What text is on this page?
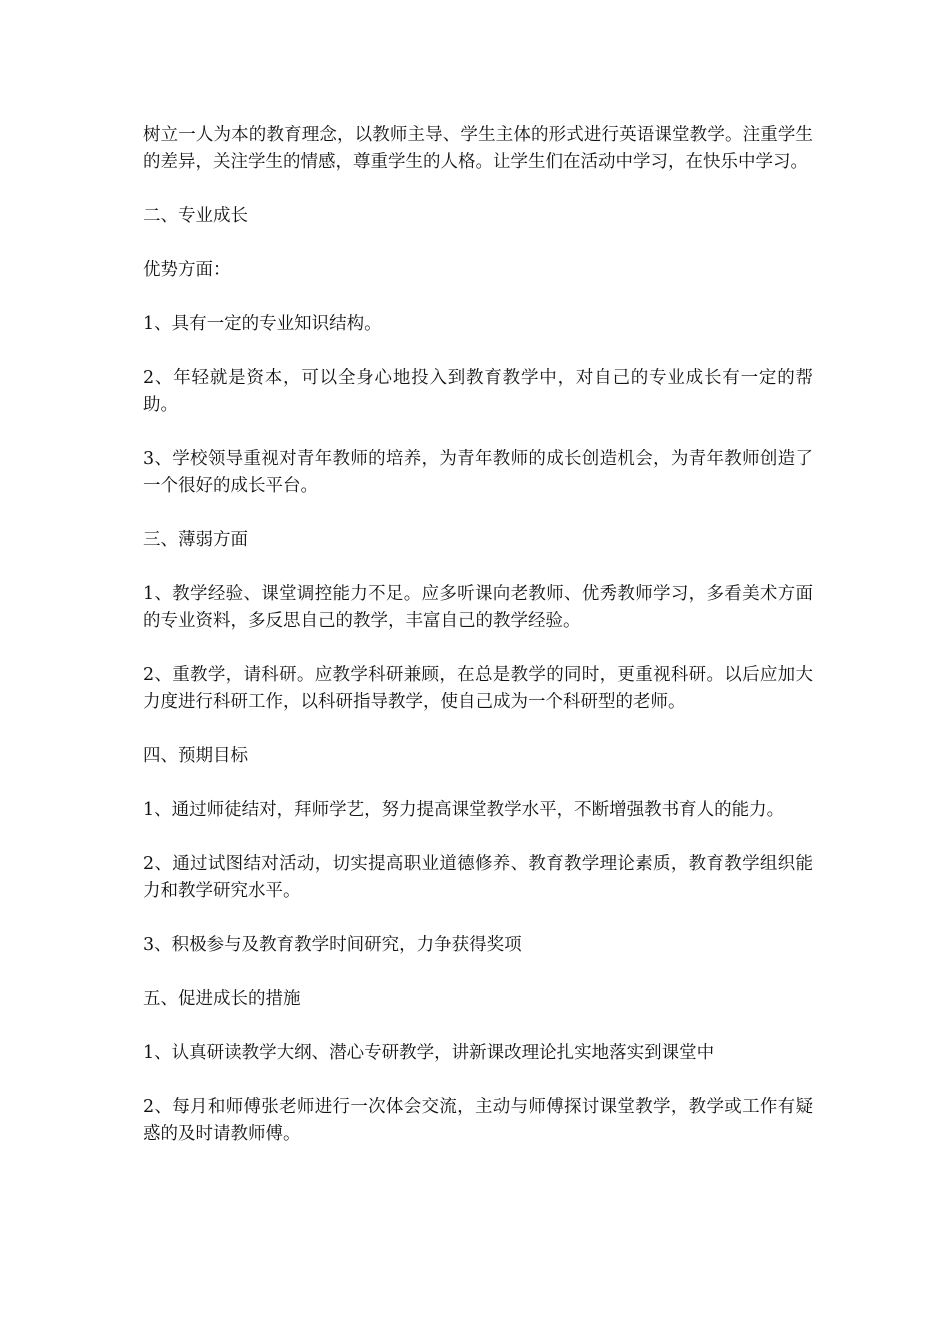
树立一人为本的教育理念，以教师主导、学生主体的形式进行英语课堂教学。注重学生的差异，关注学生的情感，尊重学生的人格。让学生们在活动中学习，在快乐中学习。

二、专业成长

优势方面：

1、具有一定的专业知识结构。

2、年轻就是资本，可以全身心地投入到教育教学中，对自己的专业成长有一定的帮助。

3、学校领导重视对青年教师的培养，为青年教师的成长创造机会，为青年教师创造了一个很好的成长平台。

三、薄弱方面

1、教学经验、课堂调控能力不足。应多听课向老教师、优秀教师学习，多看美术方面的专业资料，多反思自己的教学，丰富自己的教学经验。

2、重教学，请科研。应教学科研兼顾，在总是教学的同时，更重视科研。以后应加大力度进行科研工作，以科研指导教学，使自己成为一个科研型的老师。

四、预期目标

1、通过师徒结对，拜师学艺，努力提高课堂教学水平，不断增强教书育人的能力。

2、通过试图结对活动，切实提高职业道德修养、教育教学理论素质，教育教学组织能力和教学研究水平。

3、积极参与及教育教学时间研究，力争获得奖项

五、促进成长的措施

1、认真研读教学大纲、潜心专研教学，讲新课改理论扎实地落实到课堂中

2、每月和师傅张老师进行一次体会交流，主动与师傅探讨课堂教学，教学或工作有疑惑的及时请教师傅。
